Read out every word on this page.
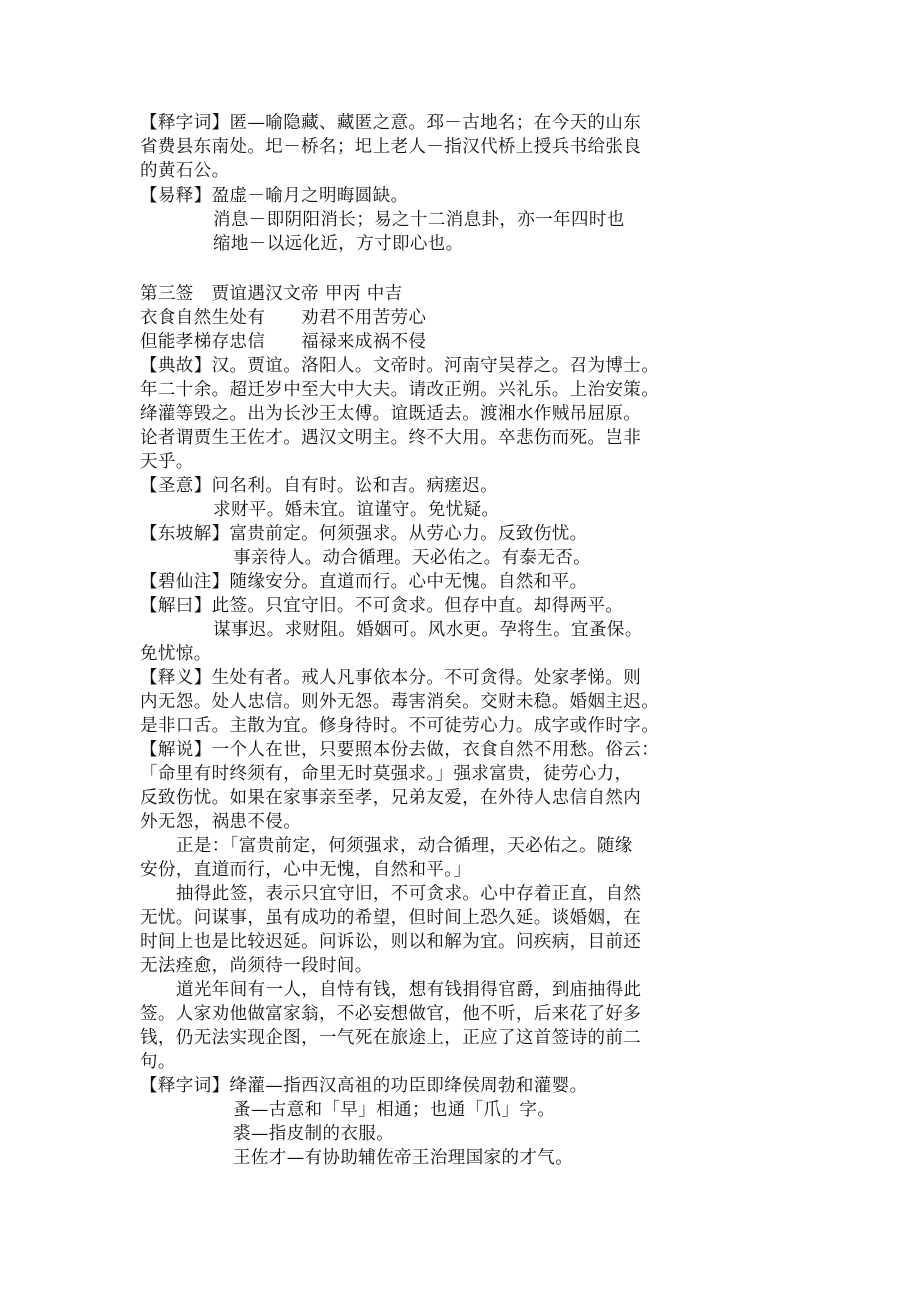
【释字词】匿—喻隐藏、藏匿之意。邳－古地名；在今天的山东

省费县东南处。圯－桥名；圯上老人－指汉代桥上授兵书给张良

的黄石公。

【易释】盈虚－喻月之明晦圆缺。

消息－即阴阳消长；易之十二消息卦，亦一年四时也

缩地－以远化近，方寸即心也。

第三签　贾谊遇汉文帝 甲丙 中吉

衣食自然生处有　　劝君不用苦劳心

但能孝梯存忠信　　福禄来成祸不侵

【典故】汉。贾谊。洛阳人。文帝时。河南守吴荐之。召为博士。

年二十余。超迁岁中至大中大夫。请改正朔。兴礼乐。上治安策。

绛灌等毁之。出为长沙王太傅。谊既适去。渡湘水作贼吊屈原。

论者谓贾生王佐才。遇汉文明主。终不大用。卒悲伤而死。岂非

天乎。

【圣意】问名利。自有时。讼和吉。病瘥迟。

求财平。婚未宜。谊谨守。免忧疑。

【东坡解】富贵前定。何须强求。从劳心力。反致伤忧。

事亲待人。动合循理。天必佑之。有泰无否。

【碧仙注】随缘安分。直道而行。心中无愧。自然和平。

【解曰】此签。只宜守旧。不可贪求。但存中直。却得两平。

谋事迟。求财阻。婚姻可。风水更。孕将生。宜蚤保。

免忧惊。

【释义】生处有者。戒人凡事依本分。不可贪得。处家孝悌。则

内无怨。处人忠信。则外无怨。毒害消矣。交财未稳。婚姻主迟。

是非口舌。主散为宜。修身待时。不可徒劳心力。成字或作时字。

【解说】一个人在世，只要照本份去做，衣食自然不用愁。俗云：

「命里有时终须有，命里无时莫强求。」强求富贵，徒劳心力，

反致伤忧。如果在家事亲至孝，兄弟友爱，在外待人忠信自然内

外无怨，祸患不侵。

正是：「富贵前定，何须强求，动合循理，天必佑之。随缘

安份，直道而行，心中无愧，自然和平。」

抽得此签，表示只宜守旧，不可贪求。心中存着正直，自然

无忧。问谋事，虽有成功的希望，但时间上恐久延。谈婚姻，在

时间上也是比较迟延。问诉讼，则以和解为宜。问疾病，目前还

无法痊愈，尚须待一段时间。

道光年间有一人，自恃有钱，想有钱捐得官爵，到庙抽得此

签。人家劝他做富家翁，不必妄想做官，他不听，后来花了好多

钱，仍无法实现企图，一气死在旅途上，正应了这首签诗的前二

句。

【释字词】绛灌—指西汉高祖的功臣即绛侯周勃和灌婴。

蚤—古意和「早」相通；也通「爪」字。

裘—指皮制的衣服。

王佐才—有协助辅佐帝王治理国家的才气。
